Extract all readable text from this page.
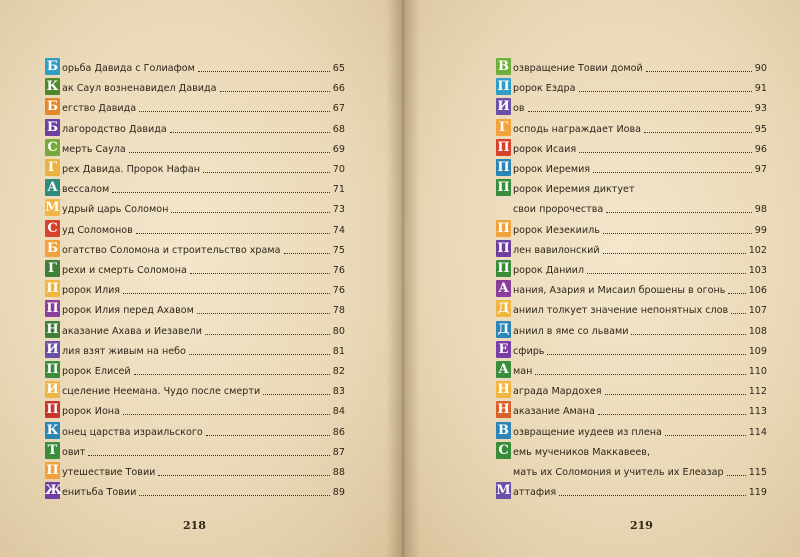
Б орьба Давида с Голиафом	65
К ак Саул возненавидел Давида	66
Б егство Давида	67
Б лагородство Давида	68
С мерть Саула	69
Г рех Давида. Пророк Нафан	70
А вессалом	71
М удрый царь Соломон	73
С уд Соломонов	74
Б огатство Соломона и строительство храма	75
Г рехи и смерть Соломона	76
П ророк Илия	76
П ророк Илия перед Ахавом	78
Н аказание Ахава и Иезавели	80
И лия взят живым на небо	81
П ророк Елисей	82
И сцеление Неемана. Чудо после смерти	83
П ророк Иона	84
К онец царства израильского	86
Т овит	87
П утешествие Товии	88
Ж енитьба Товии	89
218
В озвращение Товии домой	90
П ророк Ездра	91
И ов	93
Г осподь награждает Иова	95
П ророк Исаия	96
П ророк Иеремия	97
П ророк Иеремия диктует
свои пророчества	98
П ророк Иезекииль	99
П лен вавилонский	102
П ророк Даниил	103
А нания, Азария и Мисаил брошены в огонь 106
Д аниил толкует значение непонятных слов 107
Д аниил в яме со львами	108
Е сфирь	109
А ман	110
Н аграда Мардохея	112
Н аказание Амана	113
В озвращение иудеев из плена	114
С емь мучеников Маккавеев,
мать их Соломония и учитель их Елеазар	115
М аттафия	119
219
